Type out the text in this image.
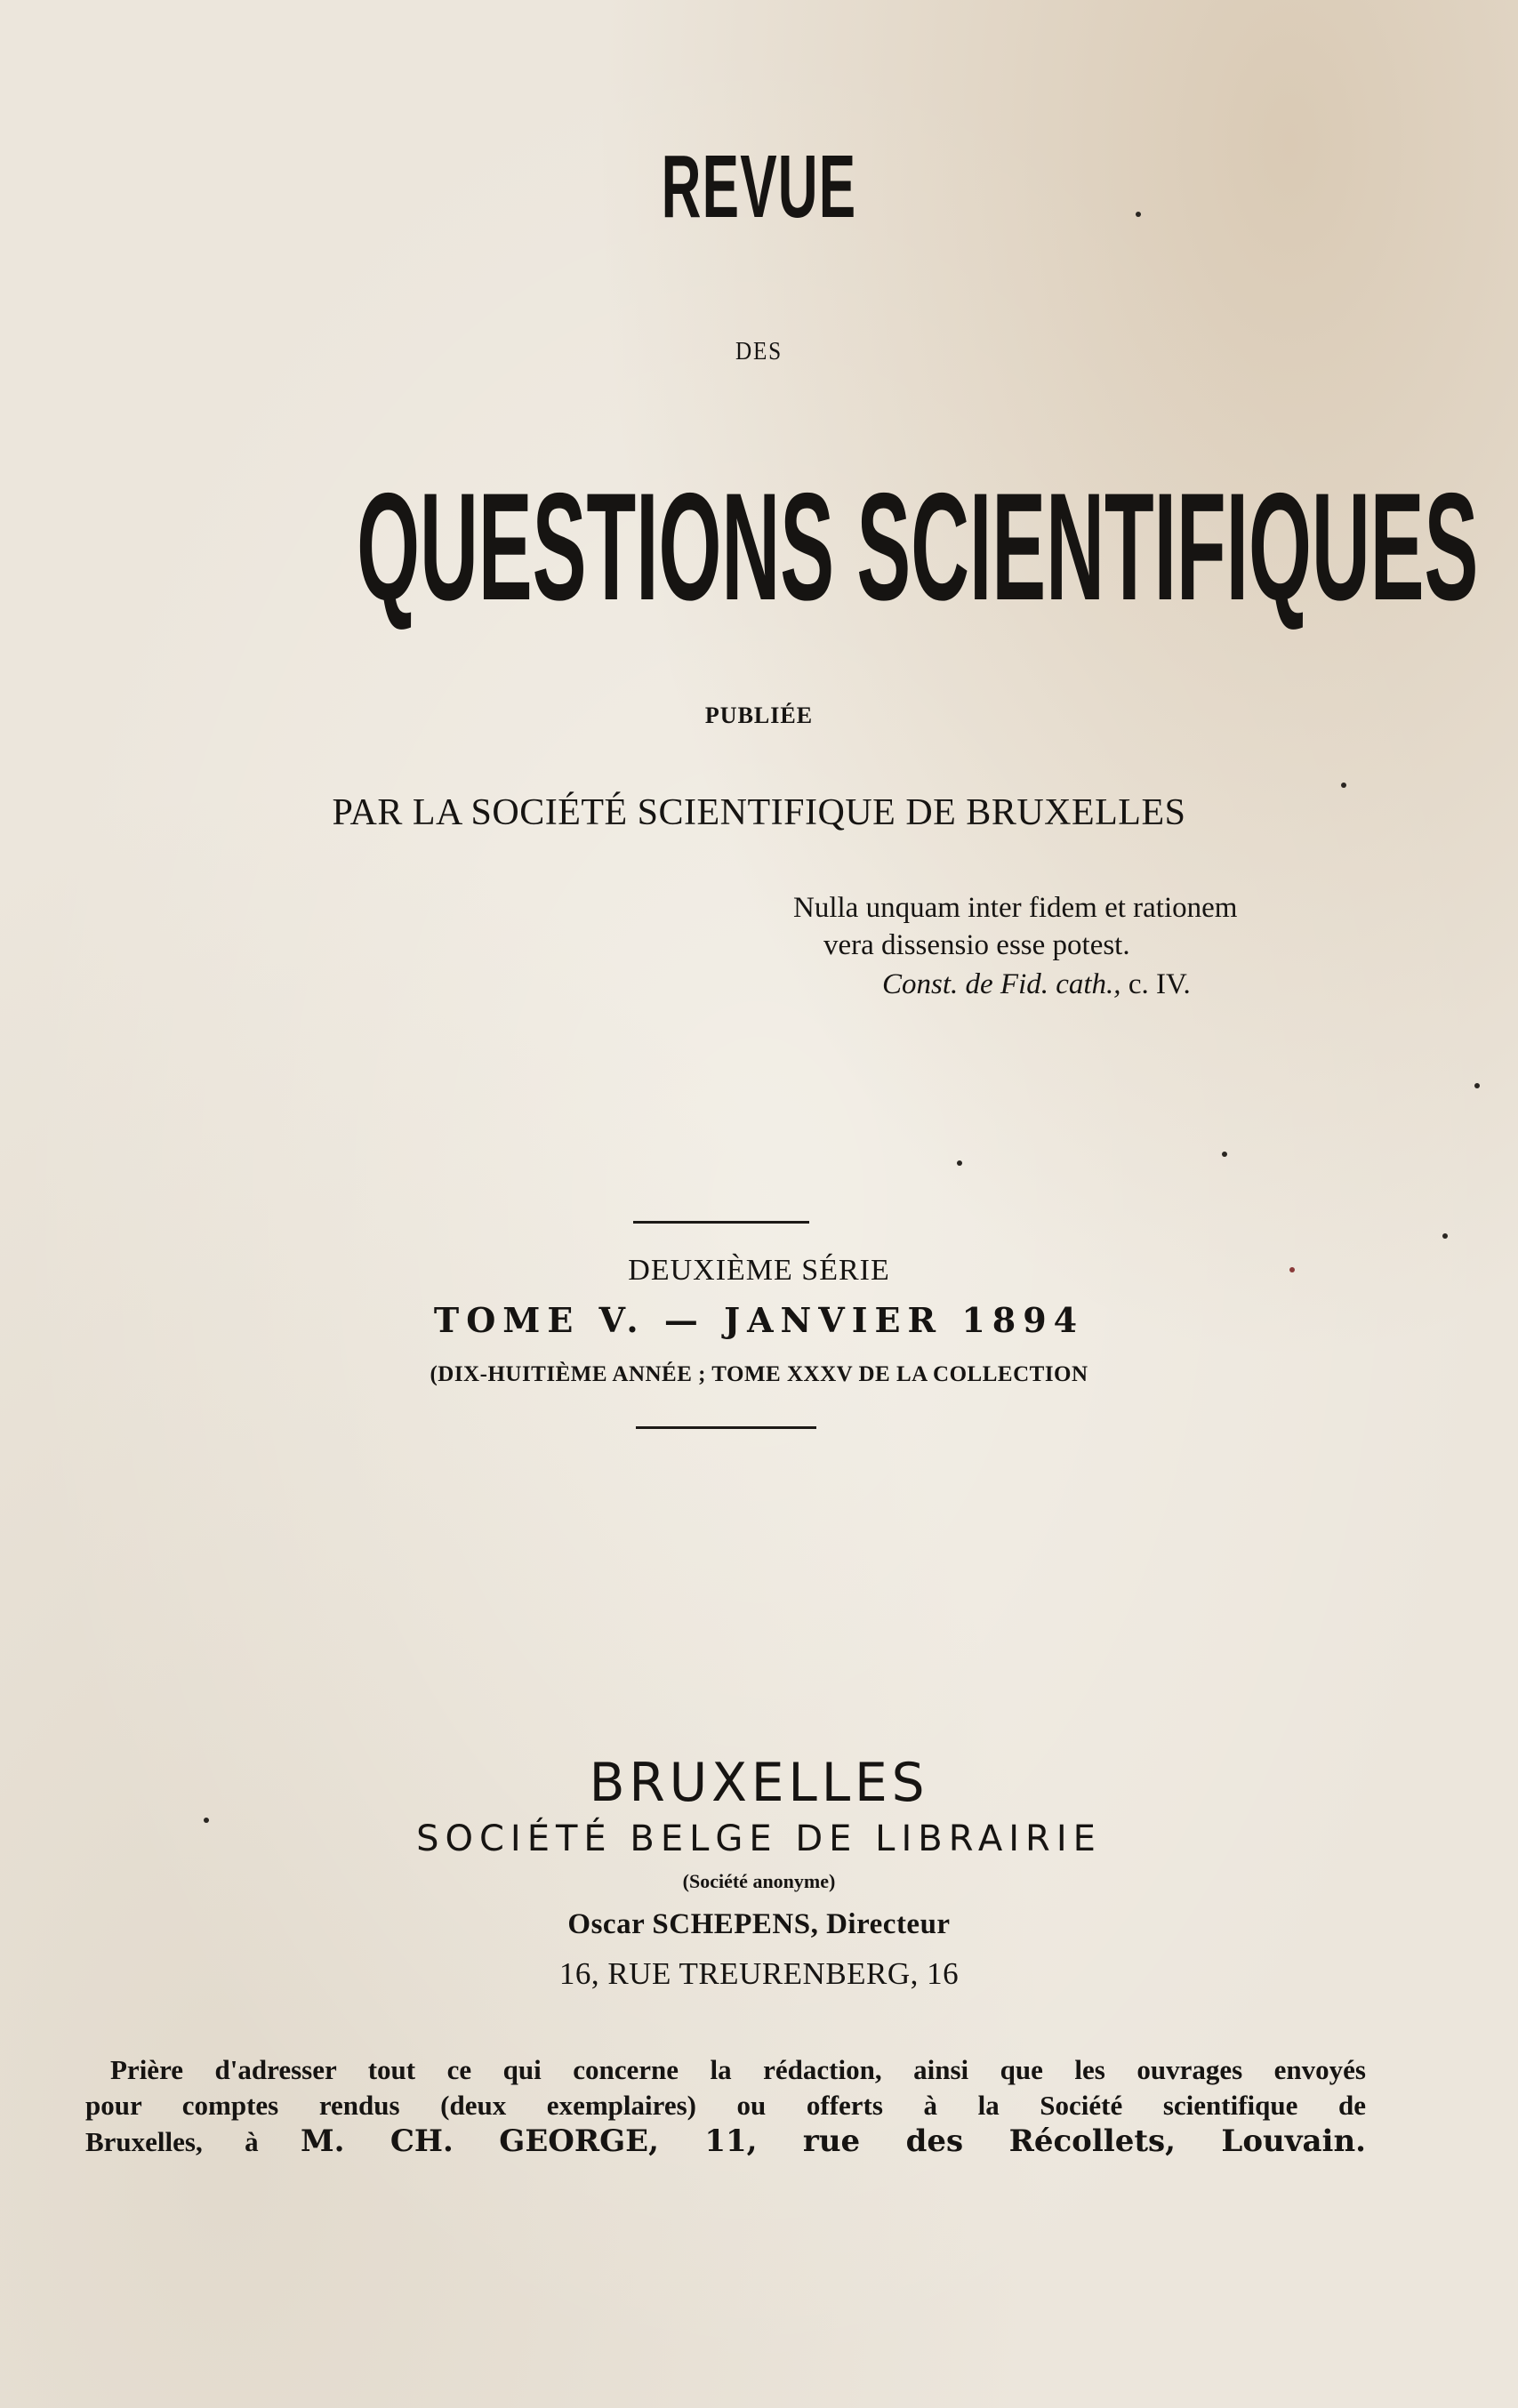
REVUE

DES

QUESTIONS SCIENTIFIQUES

PUBLIÉE

PAR LA SOCIÉTÉ SCIENTIFIQUE DE BRUXELLES

Nulla unquam inter fidem et rationem
vera dissensio esse potest.
Const. de Fid. cath., c. IV.

DEUXIÈME SÉRIE

TOME V. — JANVIER 1894

(DIX-HUITIÈME ANNÉE ; TOME XXXV DE LA COLLECTION

BRUXELLES

SOCIÉTÉ BELGE DE LIBRAIRIE

(Société anonyme)

Oscar SCHEPENS, Directeur

16, RUE TREURENBERG, 16

Prière d'adresser tout ce qui concerne la rédaction, ainsi que les ouvrages envoyés
pour comptes rendus (deux exemplaires) ou offerts à la Société scientifique de
Bruxelles, à M. CH. GEORGE, 11, rue des Récollets, Louvain.
